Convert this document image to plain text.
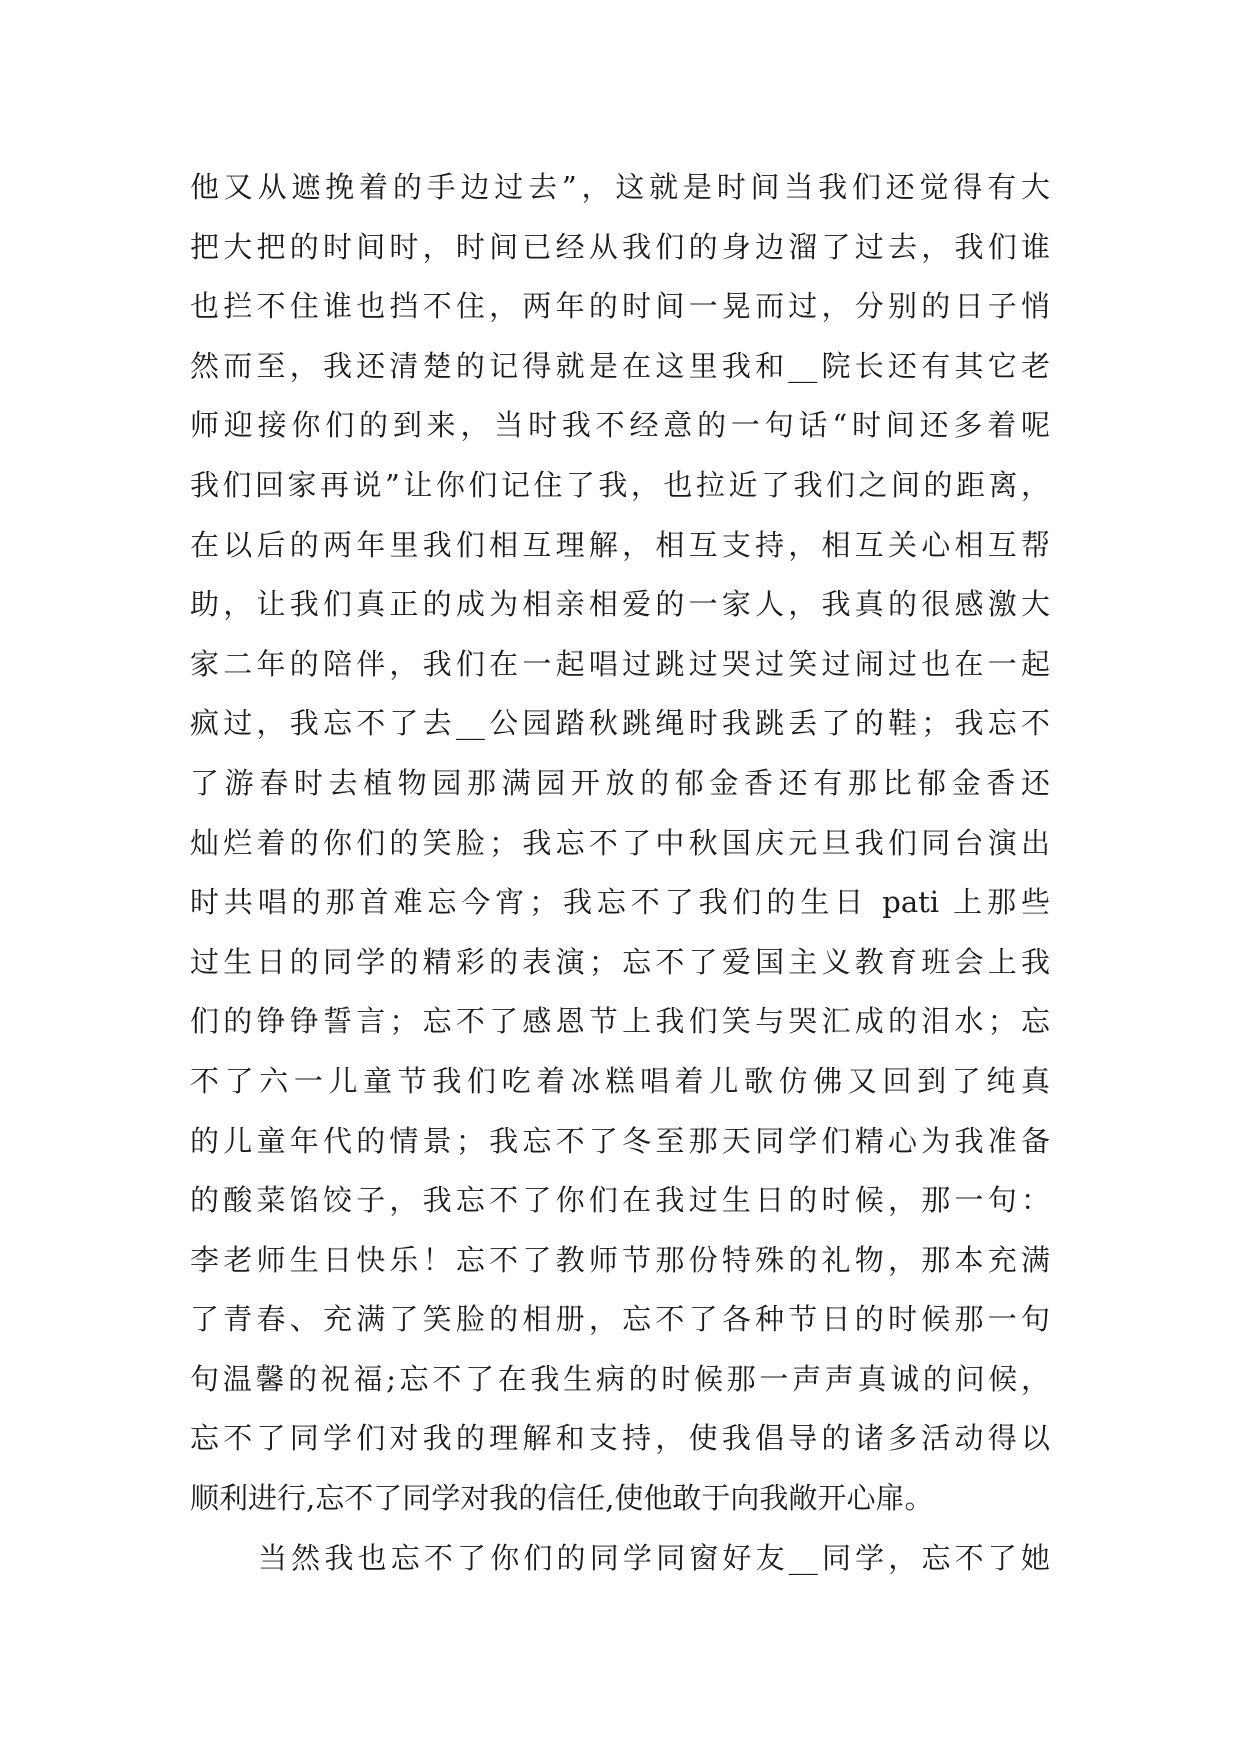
他又从遮挽着的手边过去”，这就是时间当我们还觉得有大
把大把的时间时，时间已经从我们的身边溜了过去，我们谁
也拦不住谁也挡不住，两年的时间一晃而过，分别的日子悄
然而至，我还清楚的记得就是在这里我和__院长还有其它老
师迎接你们的到来，当时我不经意的一句话“时间还多着呢
我们回家再说”让你们记住了我，也拉近了我们之间的距离，
在以后的两年里我们相互理解，相互支持，相互关心相互帮
助，让我们真正的成为相亲相爱的一家人，我真的很感激大
家二年的陪伴，我们在一起唱过跳过哭过笑过闹过也在一起
疯过，我忘不了去__公园踏秋跳绳时我跳丢了的鞋；我忘不
了游春时去植物园那满园开放的郁金香还有那比郁金香还
灿烂着的你们的笑脸；我忘不了中秋国庆元旦我们同台演出
时共唱的那首难忘今宵；我忘不了我们的生日 pati 上那些
过生日的同学的精彩的表演；忘不了爱国主义教育班会上我
们的铮铮誓言；忘不了感恩节上我们笑与哭汇成的泪水；忘
不了六一儿童节我们吃着冰糕唱着儿歌仿佛又回到了纯真
的儿童年代的情景；我忘不了冬至那天同学们精心为我准备
的酸菜馅饺子，我忘不了你们在我过生日的时候，那一句：
李老师生日快乐！忘不了教师节那份特殊的礼物，那本充满
了青春、充满了笑脸的相册，忘不了各种节日的时候那一句
句温馨的祝福;忘不了在我生病的时候那一声声真诚的问候，
忘不了同学们对我的理解和支持，使我倡导的诸多活动得以
顺利进行,忘不了同学对我的信任,使他敢于向我敞开心扉。
当然我也忘不了你们的同学同窗好友__同学，忘不了她
